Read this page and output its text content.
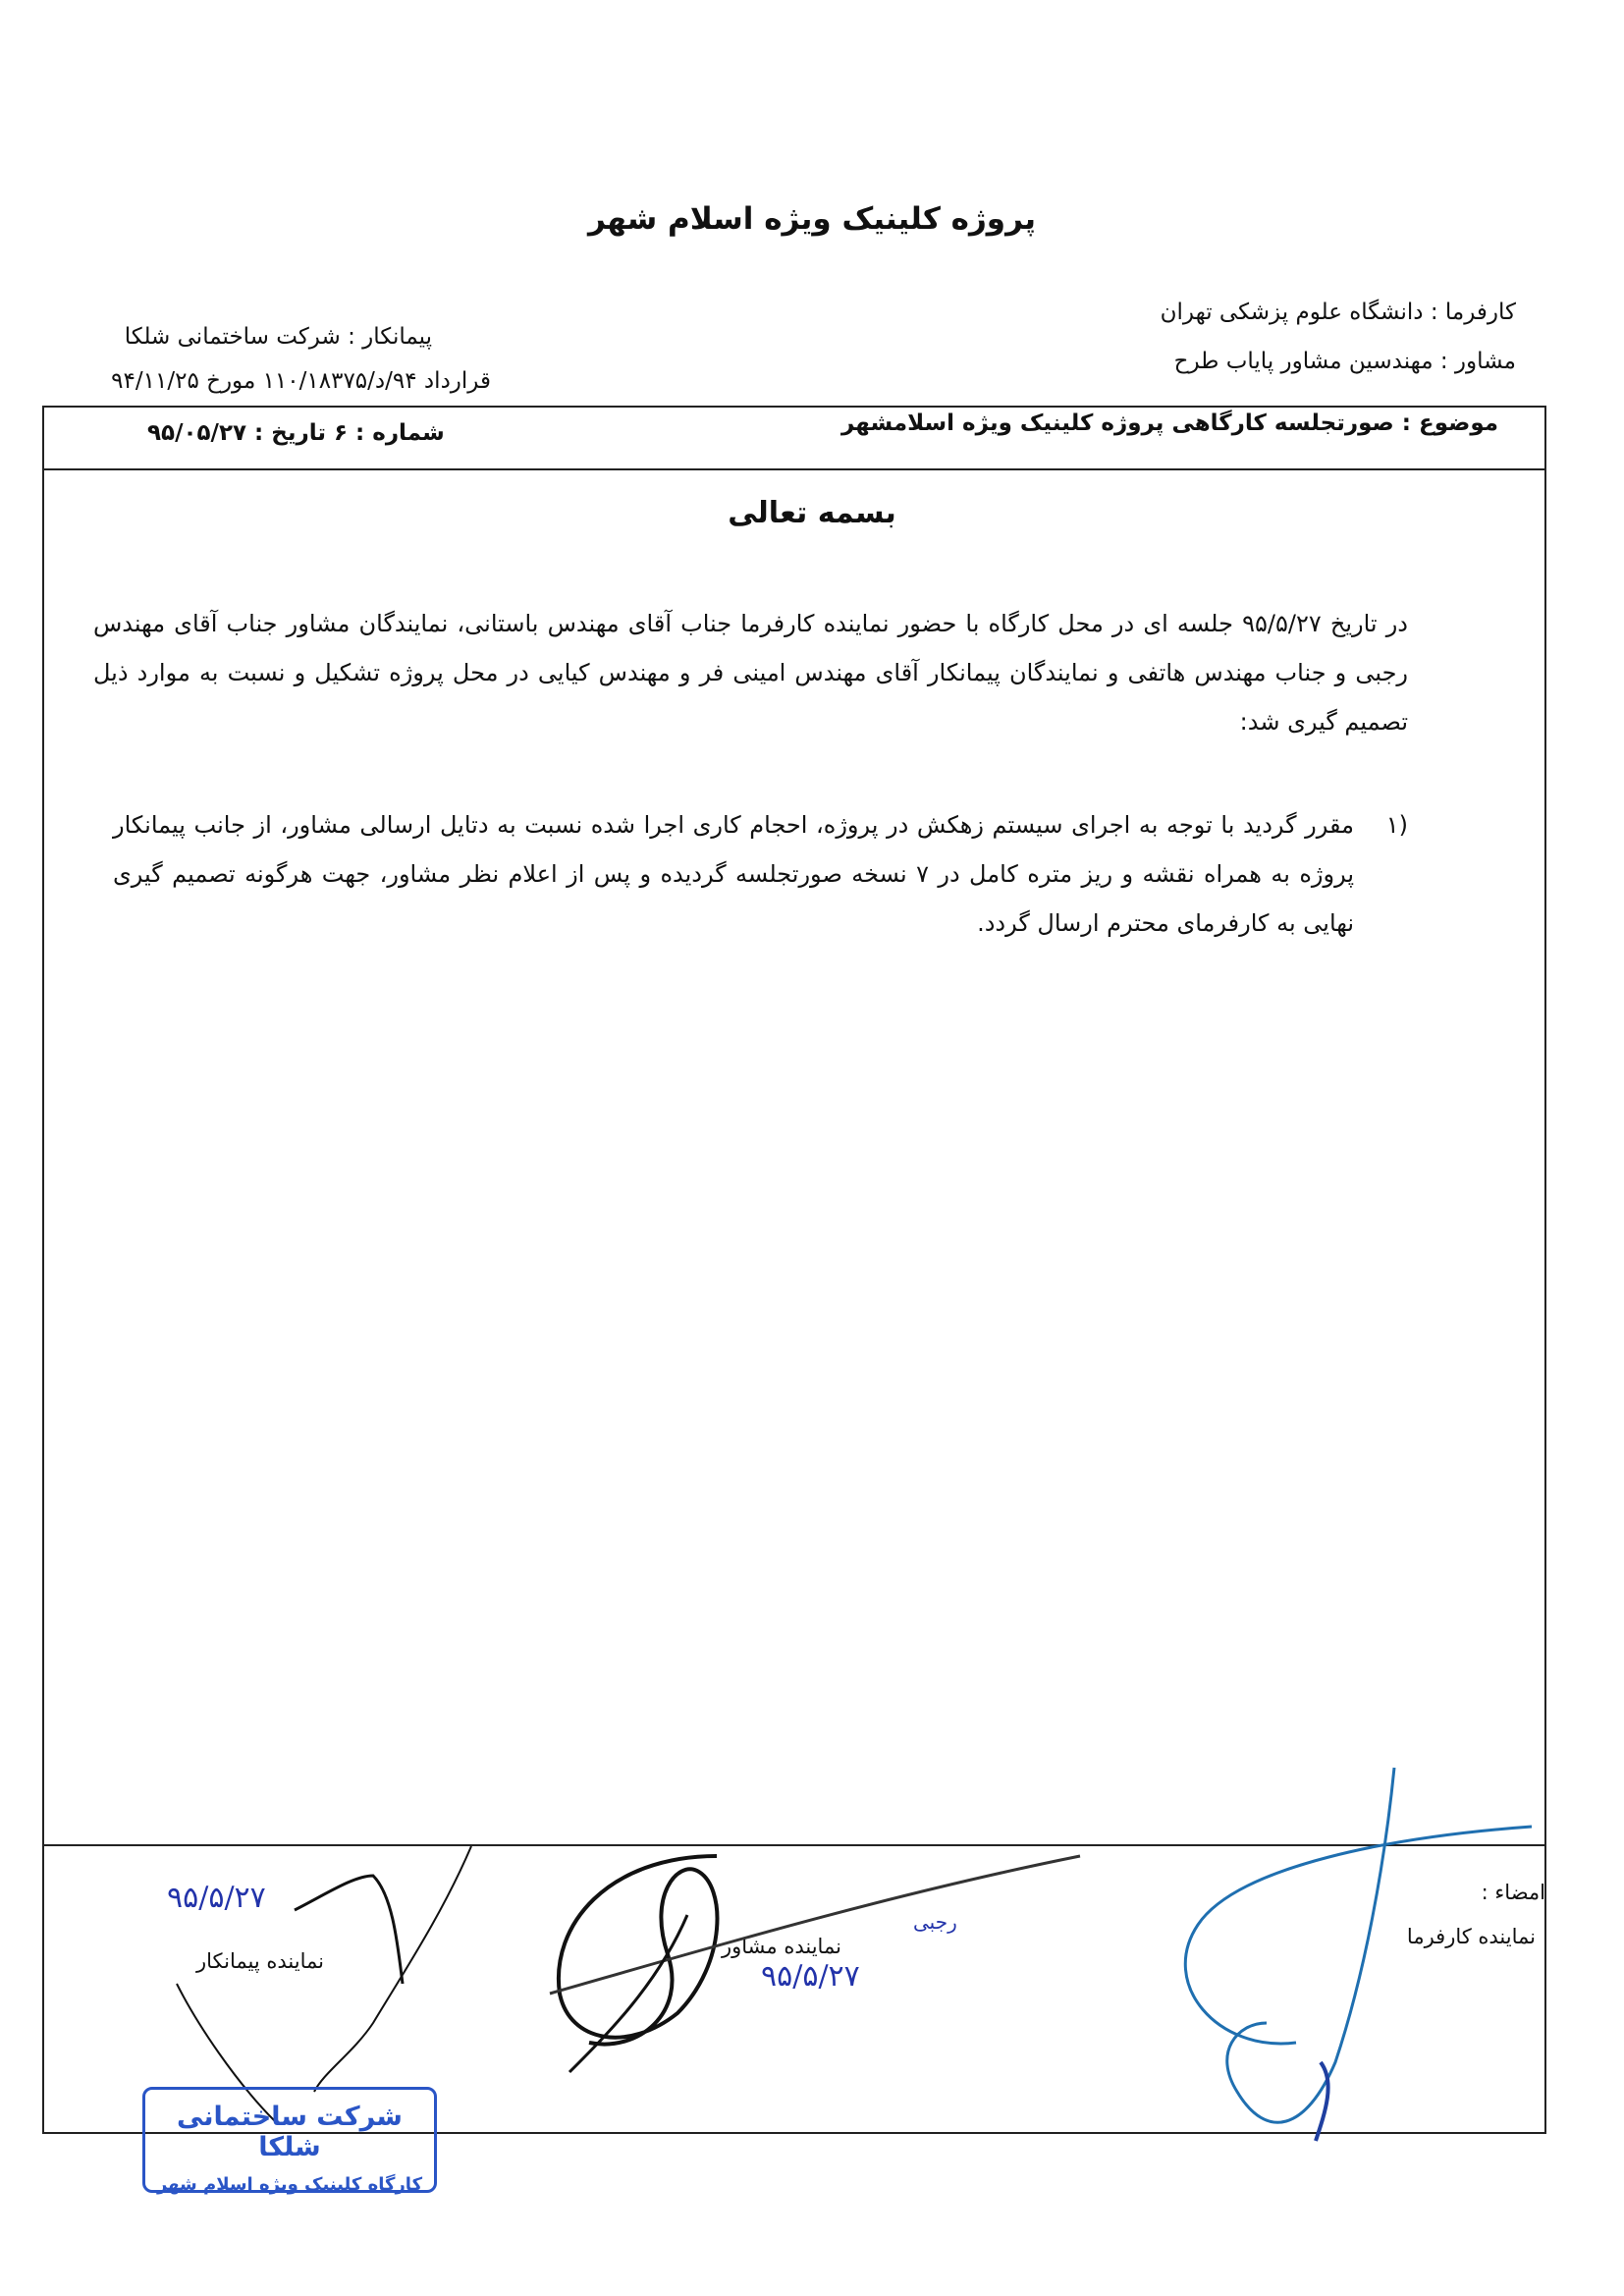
پروژه کلینیک ویژه اسلام شهر
کارفرما : دانشگاه علوم پزشکی تهران
مشاور : مهندسین مشاور پایاب طرح
پیمانکار : شرکت ساختمانی شلکا
قرارداد ۹۴/د/۱۱۰/۱۸۳۷۵ مورخ ۹۴/۱۱/۲۵
موضوع : صورتجلسه کارگاهی پروژه کلینیک ویژه اسلامشهر
شماره : ۶ تاریخ : ۹۵/۰۵/۲۷
بسمه تعالی
در تاریخ ۹۵/۵/۲۷ جلسه ای در محل کارگاه با حضور نماینده کارفرما جناب آقای مهندس باستانی، نمایندگان مشاور جناب آقای مهندس رجبی و جناب مهندس هاتفی و نمایندگان پیمانکار آقای مهندس امینی فر و مهندس کیایی در محل پروژه تشکیل و نسبت به موارد ذیل تصمیم گیری شد:
۱)
مقرر گردید با توجه به اجرای سیستم زهکش در پروژه، احجام کاری اجرا شده نسبت به دتایل ارسالی مشاور، از جانب پیمانکار پروژه به همراه نقشه و ریز متره کامل در ۷ نسخه صورتجلسه گردیده و پس از اعلام نظر مشاور، جهت هرگونه تصمیم گیری نهایی به کارفرمای محترم ارسال گردد.
امضاء :
نماینده کارفرما
نماینده مشاور
نماینده پیمانکار
۹۵/۵/۲۷
۹۵/۵/۲۷
رجبی
شرکت ساختمانی شلکا
کارگاه کلینیک ویژه اسلام شهر
